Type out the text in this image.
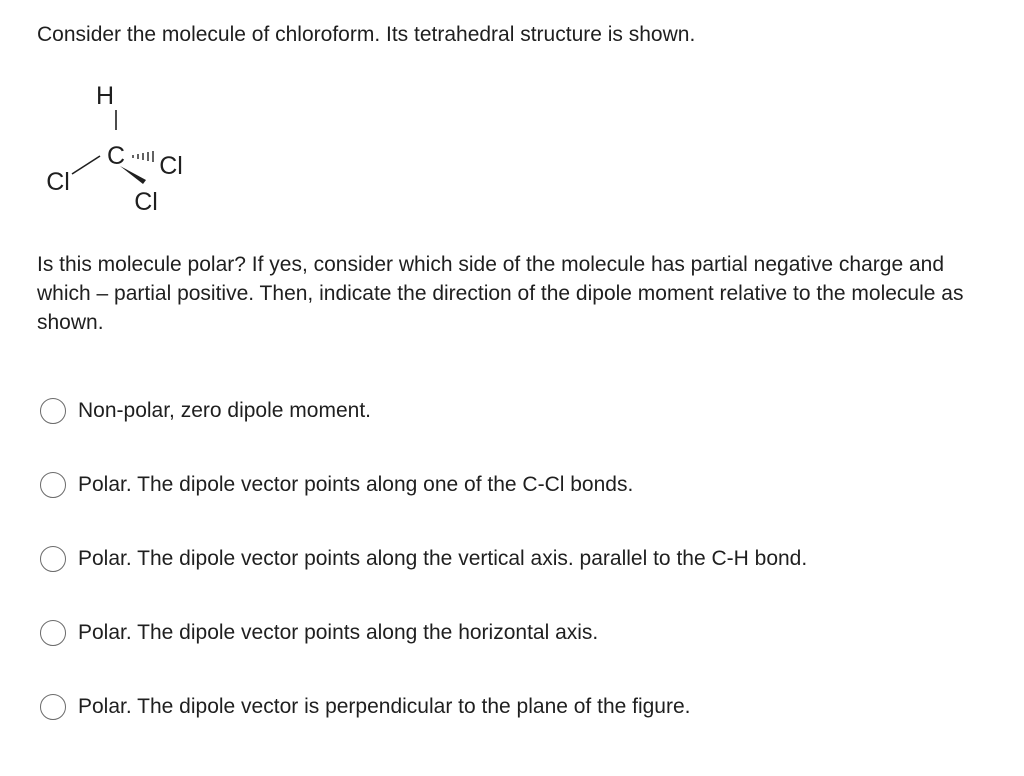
Consider the molecule of chloroform. Its tetrahedral structure is shown.
H
C
Cl
Cl
Cl
Is this molecule polar? If yes, consider which side of the molecule has partial negative charge and which – partial positive. Then, indicate the direction of the dipole moment relative to the molecule as shown.
Non-polar, zero dipole moment.
Polar. The dipole vector points along one of the C-Cl bonds.
Polar. The dipole vector points along the vertical axis. parallel to the C-H bond.
Polar. The dipole vector points along the horizontal axis.
Polar. The dipole vector is perpendicular to the plane of the figure.
